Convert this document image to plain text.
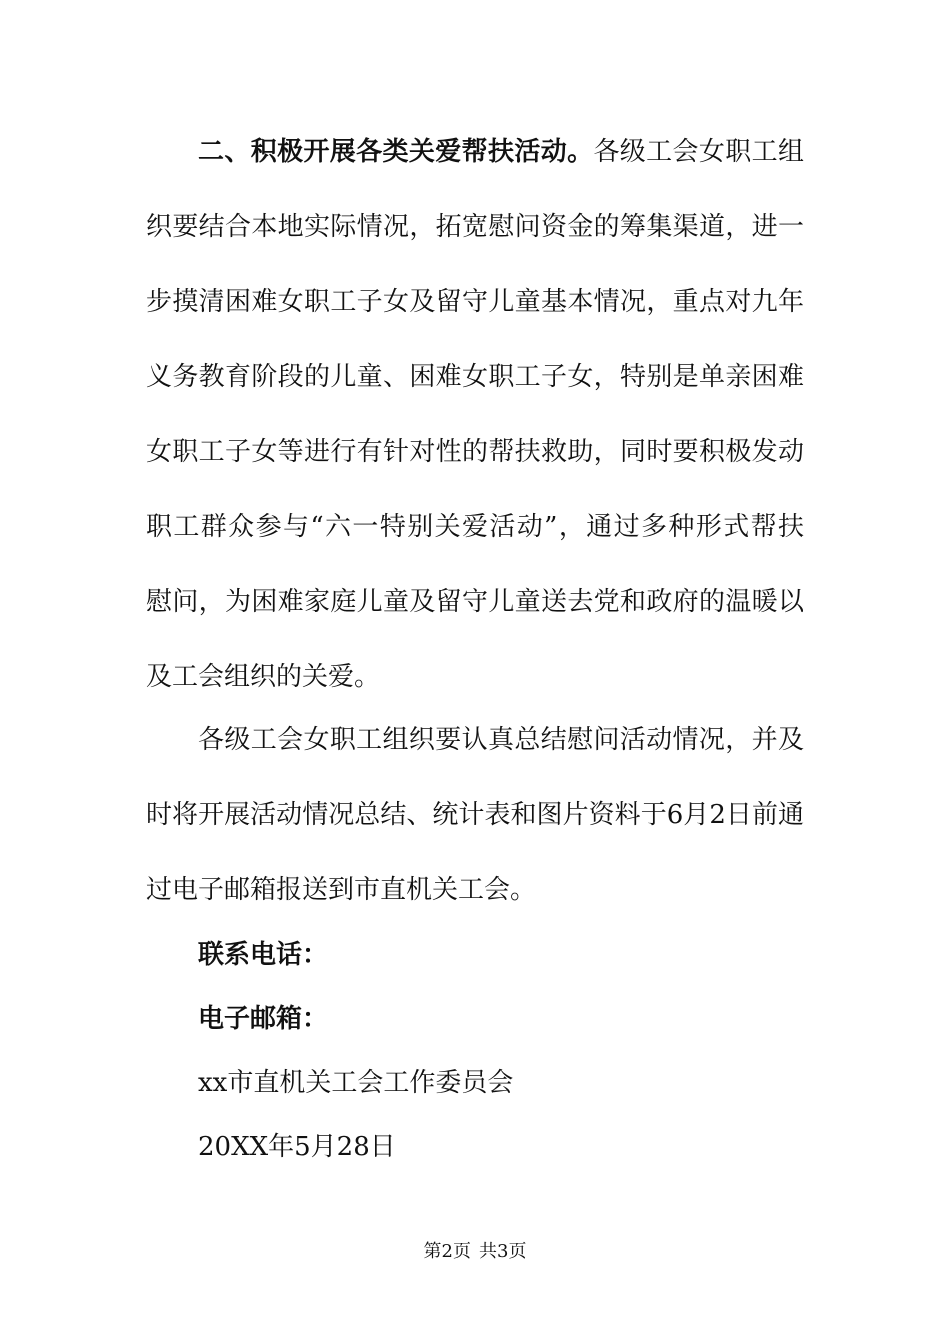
二、积极开展各类关爱帮扶活动。各级工会女职工组
织要结合本地实际情况，拓宽慰问资金的筹集渠道，进一
步摸清困难女职工子女及留守儿童基本情况，重点对九年
义务教育阶段的儿童、困难女职工子女，特别是单亲困难
女职工子女等进行有针对性的帮扶救助，同时要积极发动
职工群众参与“六一特别关爱活动”，通过多种形式帮扶
慰问，为困难家庭儿童及留守儿童送去党和政府的温暖以
及工会组织的关爱。
各级工会女职工组织要认真总结慰问活动情况，并及
时将开展活动情况总结、统计表和图片资料于6月2日前通
过电子邮箱报送到市直机关工会。
联系电话：
电子邮箱：
xx市直机关工会工作委员会
20XX年5月28日
第2页 共3页
